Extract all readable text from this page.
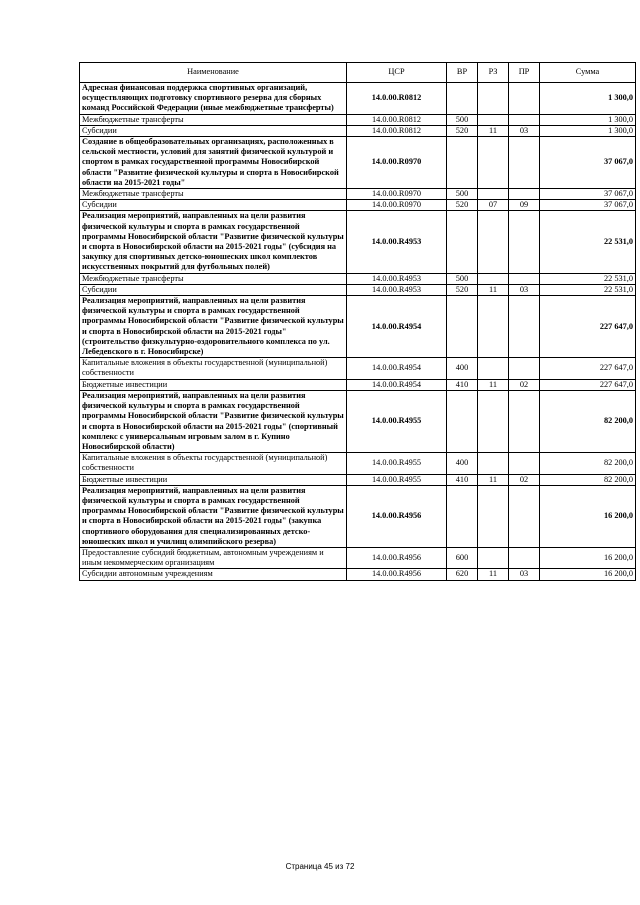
Наименование	ЦСР	ВР	РЗ	ПР	Сумма
Адресная финансовая поддержка спортивных организаций, осуществляющих подготовку спортивного резерва для сборных команд Российской Федерации (иные межбюджетные трансферты)	14.0.00.R0812				1 300,0
Межбюджетные трансферты	14.0.00.R0812	500			1 300,0
Субсидии	14.0.00.R0812	520	11	03	1 300,0
Создание в общеобразовательных организациях, расположенных в сельской местности, условий для занятий физической культурой и спортом в рамках государственной программы Новосибирской области "Развитие физической культуры и спорта в Новосибирской области на 2015-2021 годы"	14.0.00.R0970				37 067,0
Межбюджетные трансферты	14.0.00.R0970	500			37 067,0
Субсидии	14.0.00.R0970	520	07	09	37 067,0
Реализация мероприятий, направленных на цели развития физической культуры и спорта в рамках государственной программы Новосибирской области "Развитие физической культуры и спорта в Новосибирской области на 2015-2021 годы" (субсидия на закупку для спортивных детско-юношеских школ комплектов искусственных покрытий для футбольных полей)	14.0.00.R4953				22 531,0
Межбюджетные трансферты	14.0.00.R4953	500			22 531,0
Субсидии	14.0.00.R4953	520	11	03	22 531,0
Реализация мероприятий, направленных на цели развития физической культуры и спорта в рамках государственной программы Новосибирской области "Развитие физической культуры и спорта в Новосибирской области на 2015-2021 годы" (строительство физкультурно-оздоровительного комплекса по ул. Лебедевского в г. Новосибирске)	14.0.00.R4954				227 647,0
Капитальные вложения в объекты государственной (муниципальной) собственности	14.0.00.R4954	400			227 647,0
Бюджетные инвестиции	14.0.00.R4954	410	11	02	227 647,0
Реализация мероприятий, направленных на цели развития физической культуры и спорта в рамках государственной программы Новосибирской области "Развитие физической культуры и спорта в Новосибирской области на 2015-2021 годы" (спортивный комплекс с универсальным игровым залом в г. Купино Новосибирской области)	14.0.00.R4955				82 200,0
Капитальные вложения в объекты государственной (муниципальной) собственности	14.0.00.R4955	400			82 200,0
Бюджетные инвестиции	14.0.00.R4955	410	11	02	82 200,0
Реализация мероприятий, направленных на цели развития физической культуры и спорта в рамках государственной программы Новосибирской области "Развитие физической культуры и спорта в Новосибирской области на 2015-2021 годы" (закупка спортивного оборудования для специализированных детско-юношеских школ и училищ олимпийского резерва)	14.0.00.R4956				16 200,0
Предоставление субсидий бюджетным, автономным учреждениям и иным некоммерческим организациям	14.0.00.R4956	600			16 200,0
Субсидии автономным учреждениям	14.0.00.R4956	620	11	03	16 200,0
Страница 45 из 72
